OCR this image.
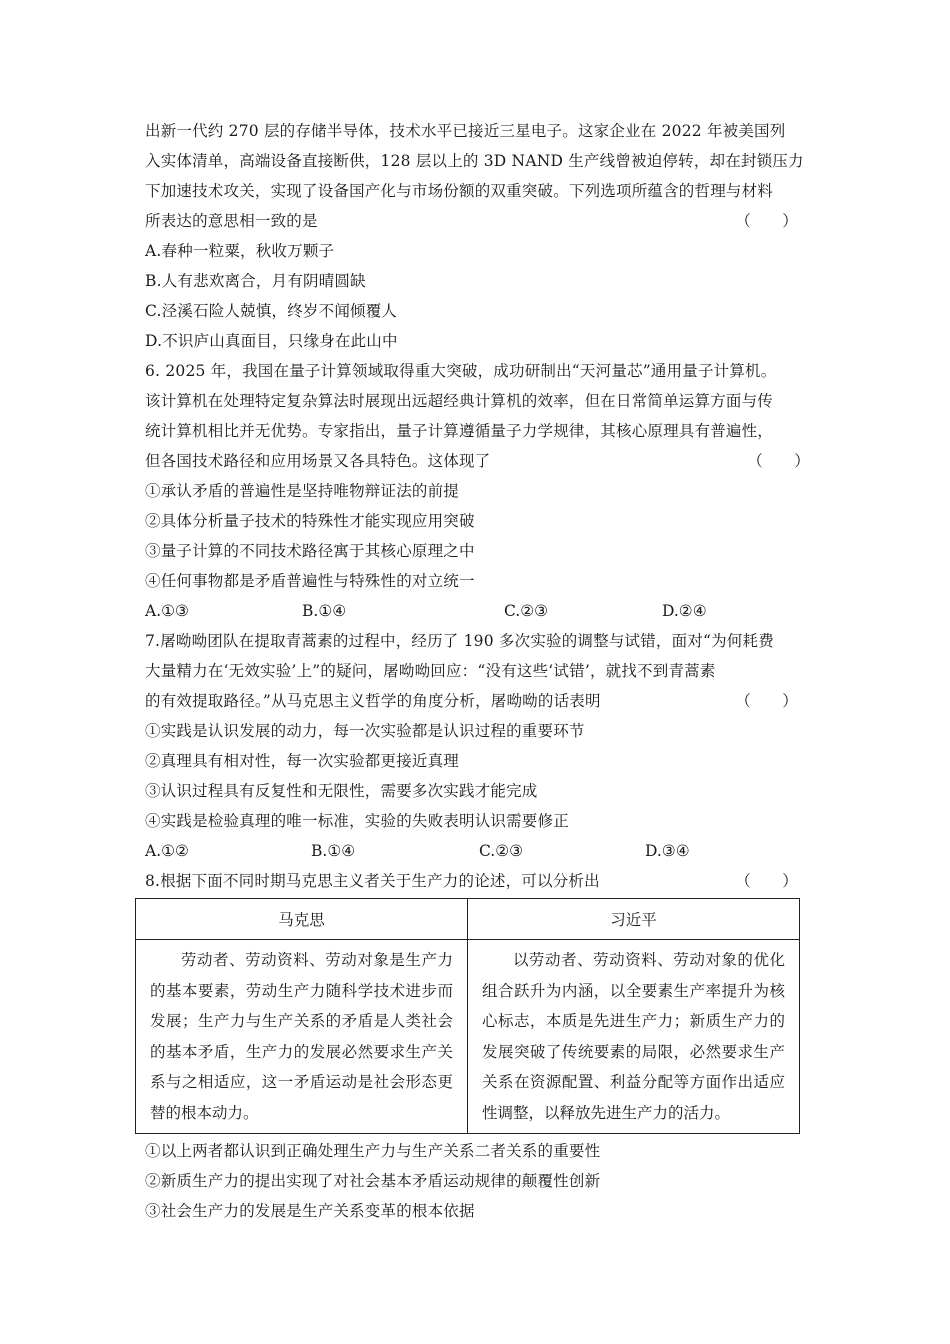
出新一代约 270 层的存储半导体，技术水平已接近三星电子。这家企业在 2022 年被美国列
入实体清单，高端设备直接断供，128 层以上的 3D NAND 生产线曾被迫停转，却在封锁压力
下加速技术攻关，实现了设备国产化与市场份额的双重突破。下列选项所蕴含的哲理与材料
所表达的意思相一致的是	（　　）
A.春种一粒粟，秋收万颗子
B.人有悲欢离合，月有阴晴圆缺
C.泾溪石险人兢慎，终岁不闻倾覆人
D.不识庐山真面目，只缘身在此山中
6. 2025 年，我国在量子计算领域取得重大突破，成功研制出“天河量芯”通用量子计算机。
该计算机在处理特定复杂算法时展现出远超经典计算机的效率，但在日常简单运算方面与传
统计算机相比并无优势。专家指出，量子计算遵循量子力学规律，其核心原理具有普遍性，
但各国技术路径和应用场景又各具特色。这体现了	（　　）
①承认矛盾的普遍性是坚持唯物辩证法的前提
②具体分析量子技术的特殊性才能实现应用突破
③量子计算的不同技术路径寓于其核心原理之中
④任何事物都是矛盾普遍性与特殊性的对立统一
A.①③	B.①④	C.②③	D.②④
7.屠呦呦团队在提取青蒿素的过程中，经历了 190 多次实验的调整与试错，面对“为何耗费
大量精力在‘无效实验’上”的疑问，屠呦呦回应：“没有这些‘试错’，就找不到青蒿素
的有效提取路径。”从马克思主义哲学的角度分析，屠呦呦的话表明	（　　）
①实践是认识发展的动力，每一次实验都是认识过程的重要环节
②真理具有相对性，每一次实验都更接近真理
③认识过程具有反复性和无限性，需要多次实践才能完成
④实践是检验真理的唯一标准，实验的失败表明认识需要修正
A.①②	B.①④	C.②③	D.③④
8.根据下面不同时期马克思主义者关于生产力的论述，可以分析出	（　　）
马克思	习近平
劳动者、劳动资料、劳动对象是生产力的基本要素，劳动生产力随科学技术进步而发展；生产力与生产关系的矛盾是人类社会的基本矛盾，生产力的发展必然要求生产关系与之相适应，这一矛盾运动是社会形态更替的根本动力。	以劳动者、劳动资料、劳动对象的优化组合跃升为内涵，以全要素生产率提升为核心标志，本质是先进生产力；新质生产力的发展突破了传统要素的局限，必然要求生产关系在资源配置、利益分配等方面作出适应性调整，以释放先进生产力的活力。
①以上两者都认识到正确处理生产力与生产关系二者关系的重要性
②新质生产力的提出实现了对社会基本矛盾运动规律的颠覆性创新
③社会生产力的发展是生产关系变革的根本依据
